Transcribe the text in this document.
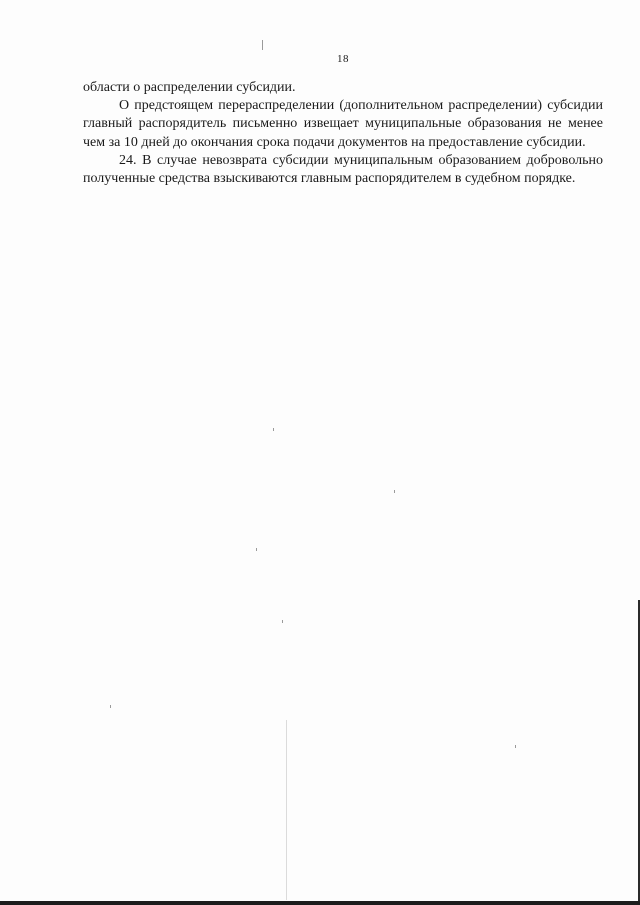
18

области о распределении субсидии.

О предстоящем перераспределении (дополнительном распределении) субсидии главный распорядитель письменно извещает муниципальные образования не менее чем за 10 дней до окончания срока подачи документов на предоставление субсидии.

24. В случае невозврата субсидии муниципальным образованием добровольно полученные средства взыскиваются главным распорядителем в судебном порядке.
